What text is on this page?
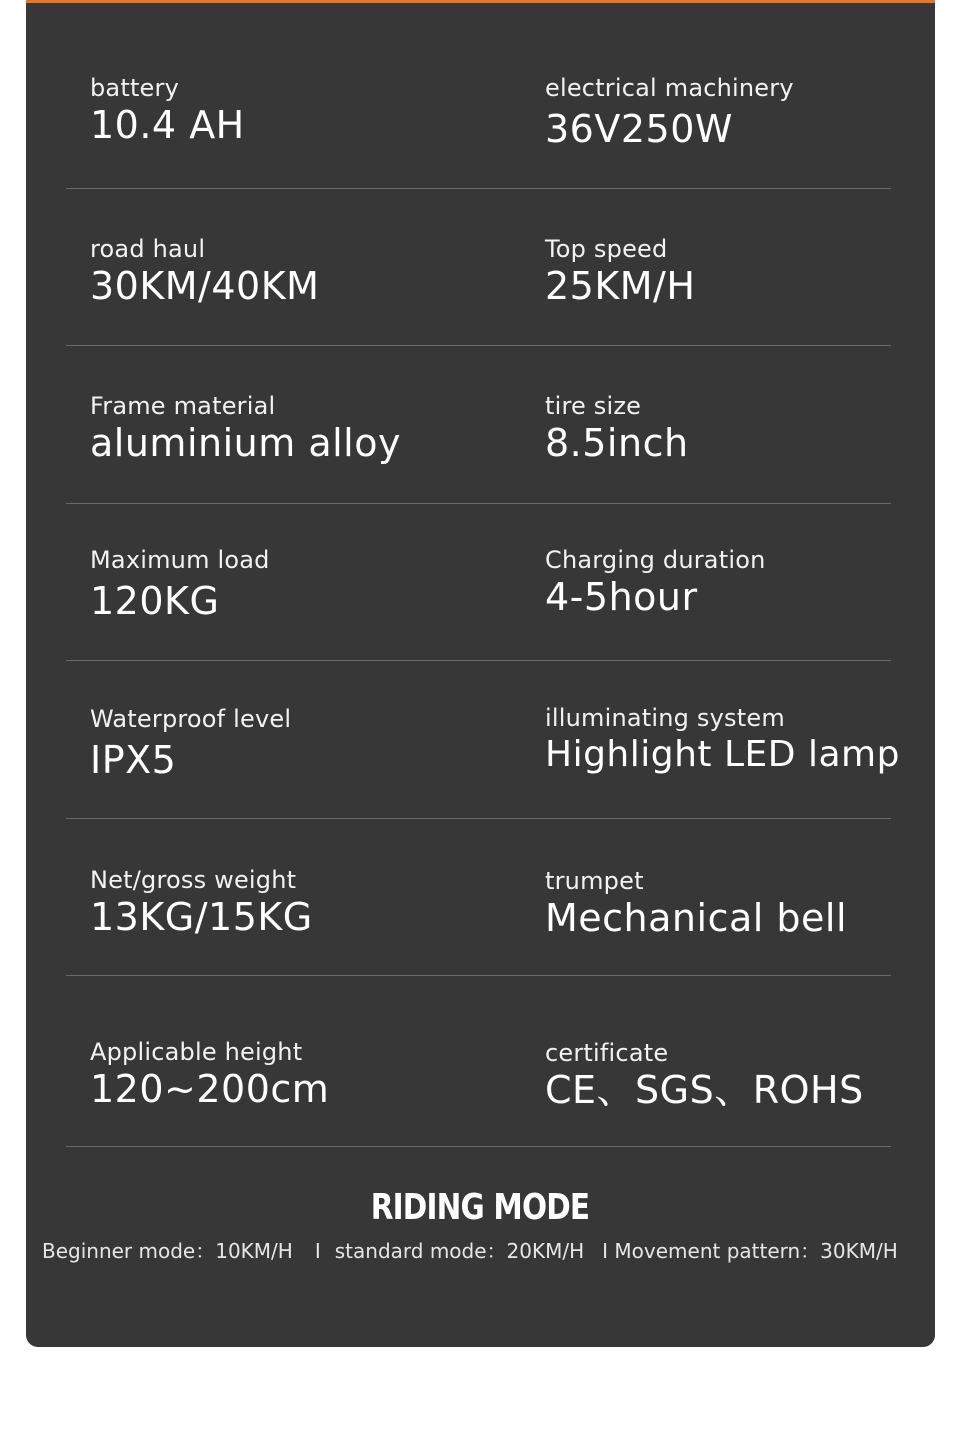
battery
10.4 AH
electrical machinery
36V250W
road haul
30KM/40KM
Top speed
25KM/H
Frame material
aluminium alloy
tire size
8.5inch
Maximum load
120KG
Charging duration
4-5hour
Waterproof level
IPX5
illuminating system
Highlight LED lamp
Net/gross weight
13KG/15KG
trumpet
Mechanical bell
Applicable height
120~200cm
certificate
CE、SGS、ROHS
RIDING MODE
Beginner mode：10KM/H I standard mode：20KM/H I Movement pattern：30KM/H
